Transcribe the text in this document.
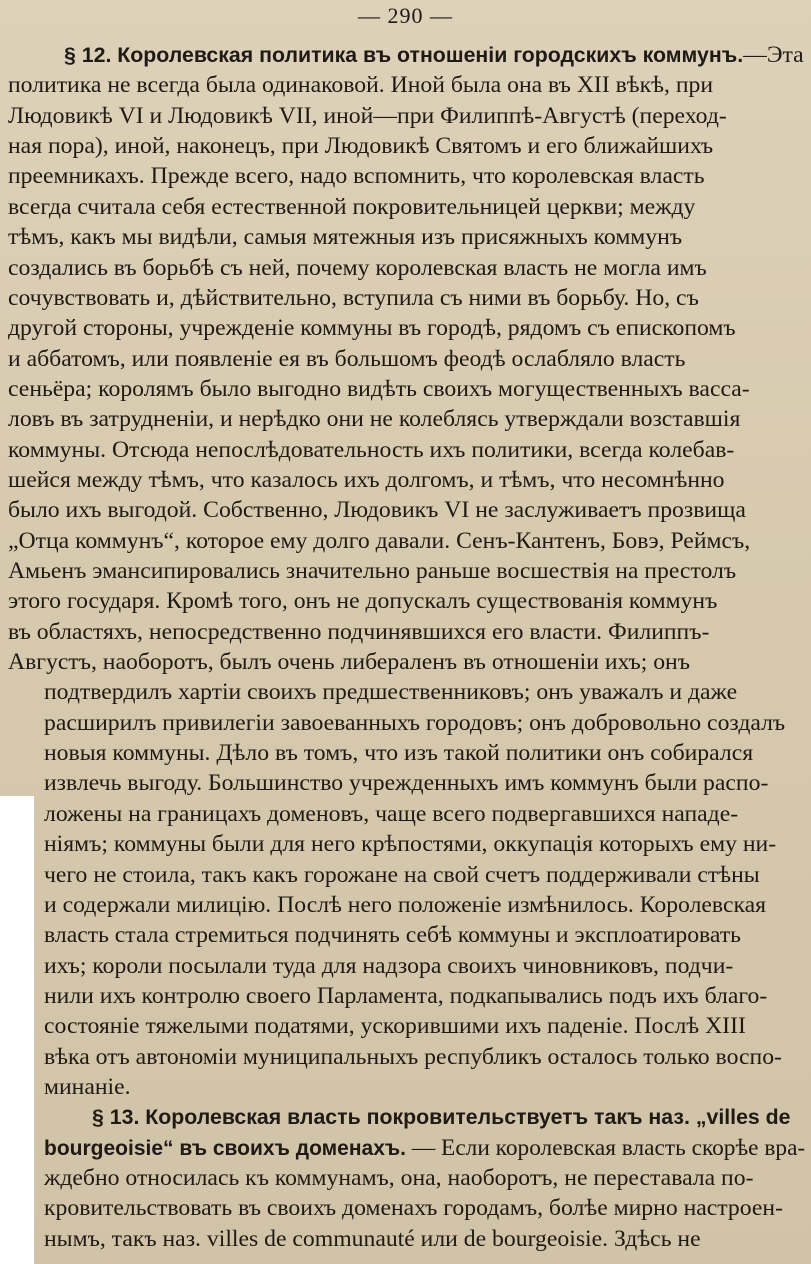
— 290 —
§ 12. Королевская политика въ отношеніи городскихъ коммунъ.—Эта
политика не всегда была одинаковой. Иной была она въ XII вѣкѣ, при
Людовикѣ VI и Людовикѣ VII, иной—при Филиппѣ-Августѣ (переход-
ная пора), иной, наконецъ, при Людовикѣ Святомъ и его ближайшихъ
преемникахъ. Прежде всего, надо вспомнить, что королевская власть
всегда считала себя естественной покровительницей церкви; между
тѣмъ, какъ мы видѣли, самыя мятежныя изъ присяжныхъ коммунъ
создались въ борьбѣ съ ней, почему королевская власть не могла имъ
сочувствовать и, дѣйствительно, вступила съ ними въ борьбу. Но, съ
другой стороны, учрежденіе коммуны въ городѣ, рядомъ съ епископомъ
и аббатомъ, или появленіе ея въ большомъ феодѣ ослабляло власть
сеньёра; королямъ было выгодно видѣть своихъ могущественныхъ васса-
ловъ въ затрудненіи, и нерѣдко они не колеблясь утверждали возставшія
коммуны. Отсюда непослѣдовательность ихъ политики, всегда колебав-
шейся между тѣмъ, что казалось ихъ долгомъ, и тѣмъ, что несомнѣнно
было ихъ выгодой. Собственно, Людовикъ VI не заслуживаетъ прозвища
„Отца коммунъ“, которое ему долго давали. Сенъ-Кантенъ, Бовэ, Реймсъ,
Амьенъ эмансипировались значительно раньше восшествія на престолъ
этого государя. Кромѣ того, онъ не допускалъ существованія коммунъ
въ областяхъ, непосредственно подчинявшихся его власти. Филиппъ-
Августъ, наоборотъ, былъ очень либераленъ въ отношеніи ихъ; онъ
подтвердилъ хартіи своихъ предшественниковъ; онъ уважалъ и даже
расширилъ привилегіи завоеванныхъ городовъ; онъ добровольно создалъ
новыя коммуны. Дѣло въ томъ, что изъ такой политики онъ собирался
извлечь выгоду. Большинство учрежденныхъ имъ коммунъ были распо-
ложены на границахъ доменовъ, чаще всего подвергавшихся нападе-
ніямъ; коммуны были для него крѣпостями, оккупація которыхъ ему ни-
чего не стоила, такъ какъ горожане на свой счетъ поддерживали стѣны
и содержали милицію. Послѣ него положеніе измѣнилось. Королевская
власть стала стремиться подчинять себѣ коммуны и эксплоатировать
ихъ; короли посылали туда для надзора своихъ чиновниковъ, подчи-
нили ихъ контролю своего Парламента, подкапывались подъ ихъ благо-
состояніе тяжелыми податями, ускорившими ихъ паденіе. Послѣ XIII
вѣка отъ автономіи муниципальныхъ республикъ осталось только воспо-
минаніе.
§ 13. Королевская власть покровительствуетъ такъ наз. „villes de
bourgeoisie“ въ своихъ доменахъ. — Если королевская власть скорѣе вра-
ждебно относилась къ коммунамъ, она, наоборотъ, не переставала по-
кровительствовать въ своихъ доменахъ городамъ, болѣе мирно настроен-
нымъ, такъ наз. villes de communauté или de bourgeoisie. Здѣсь не
